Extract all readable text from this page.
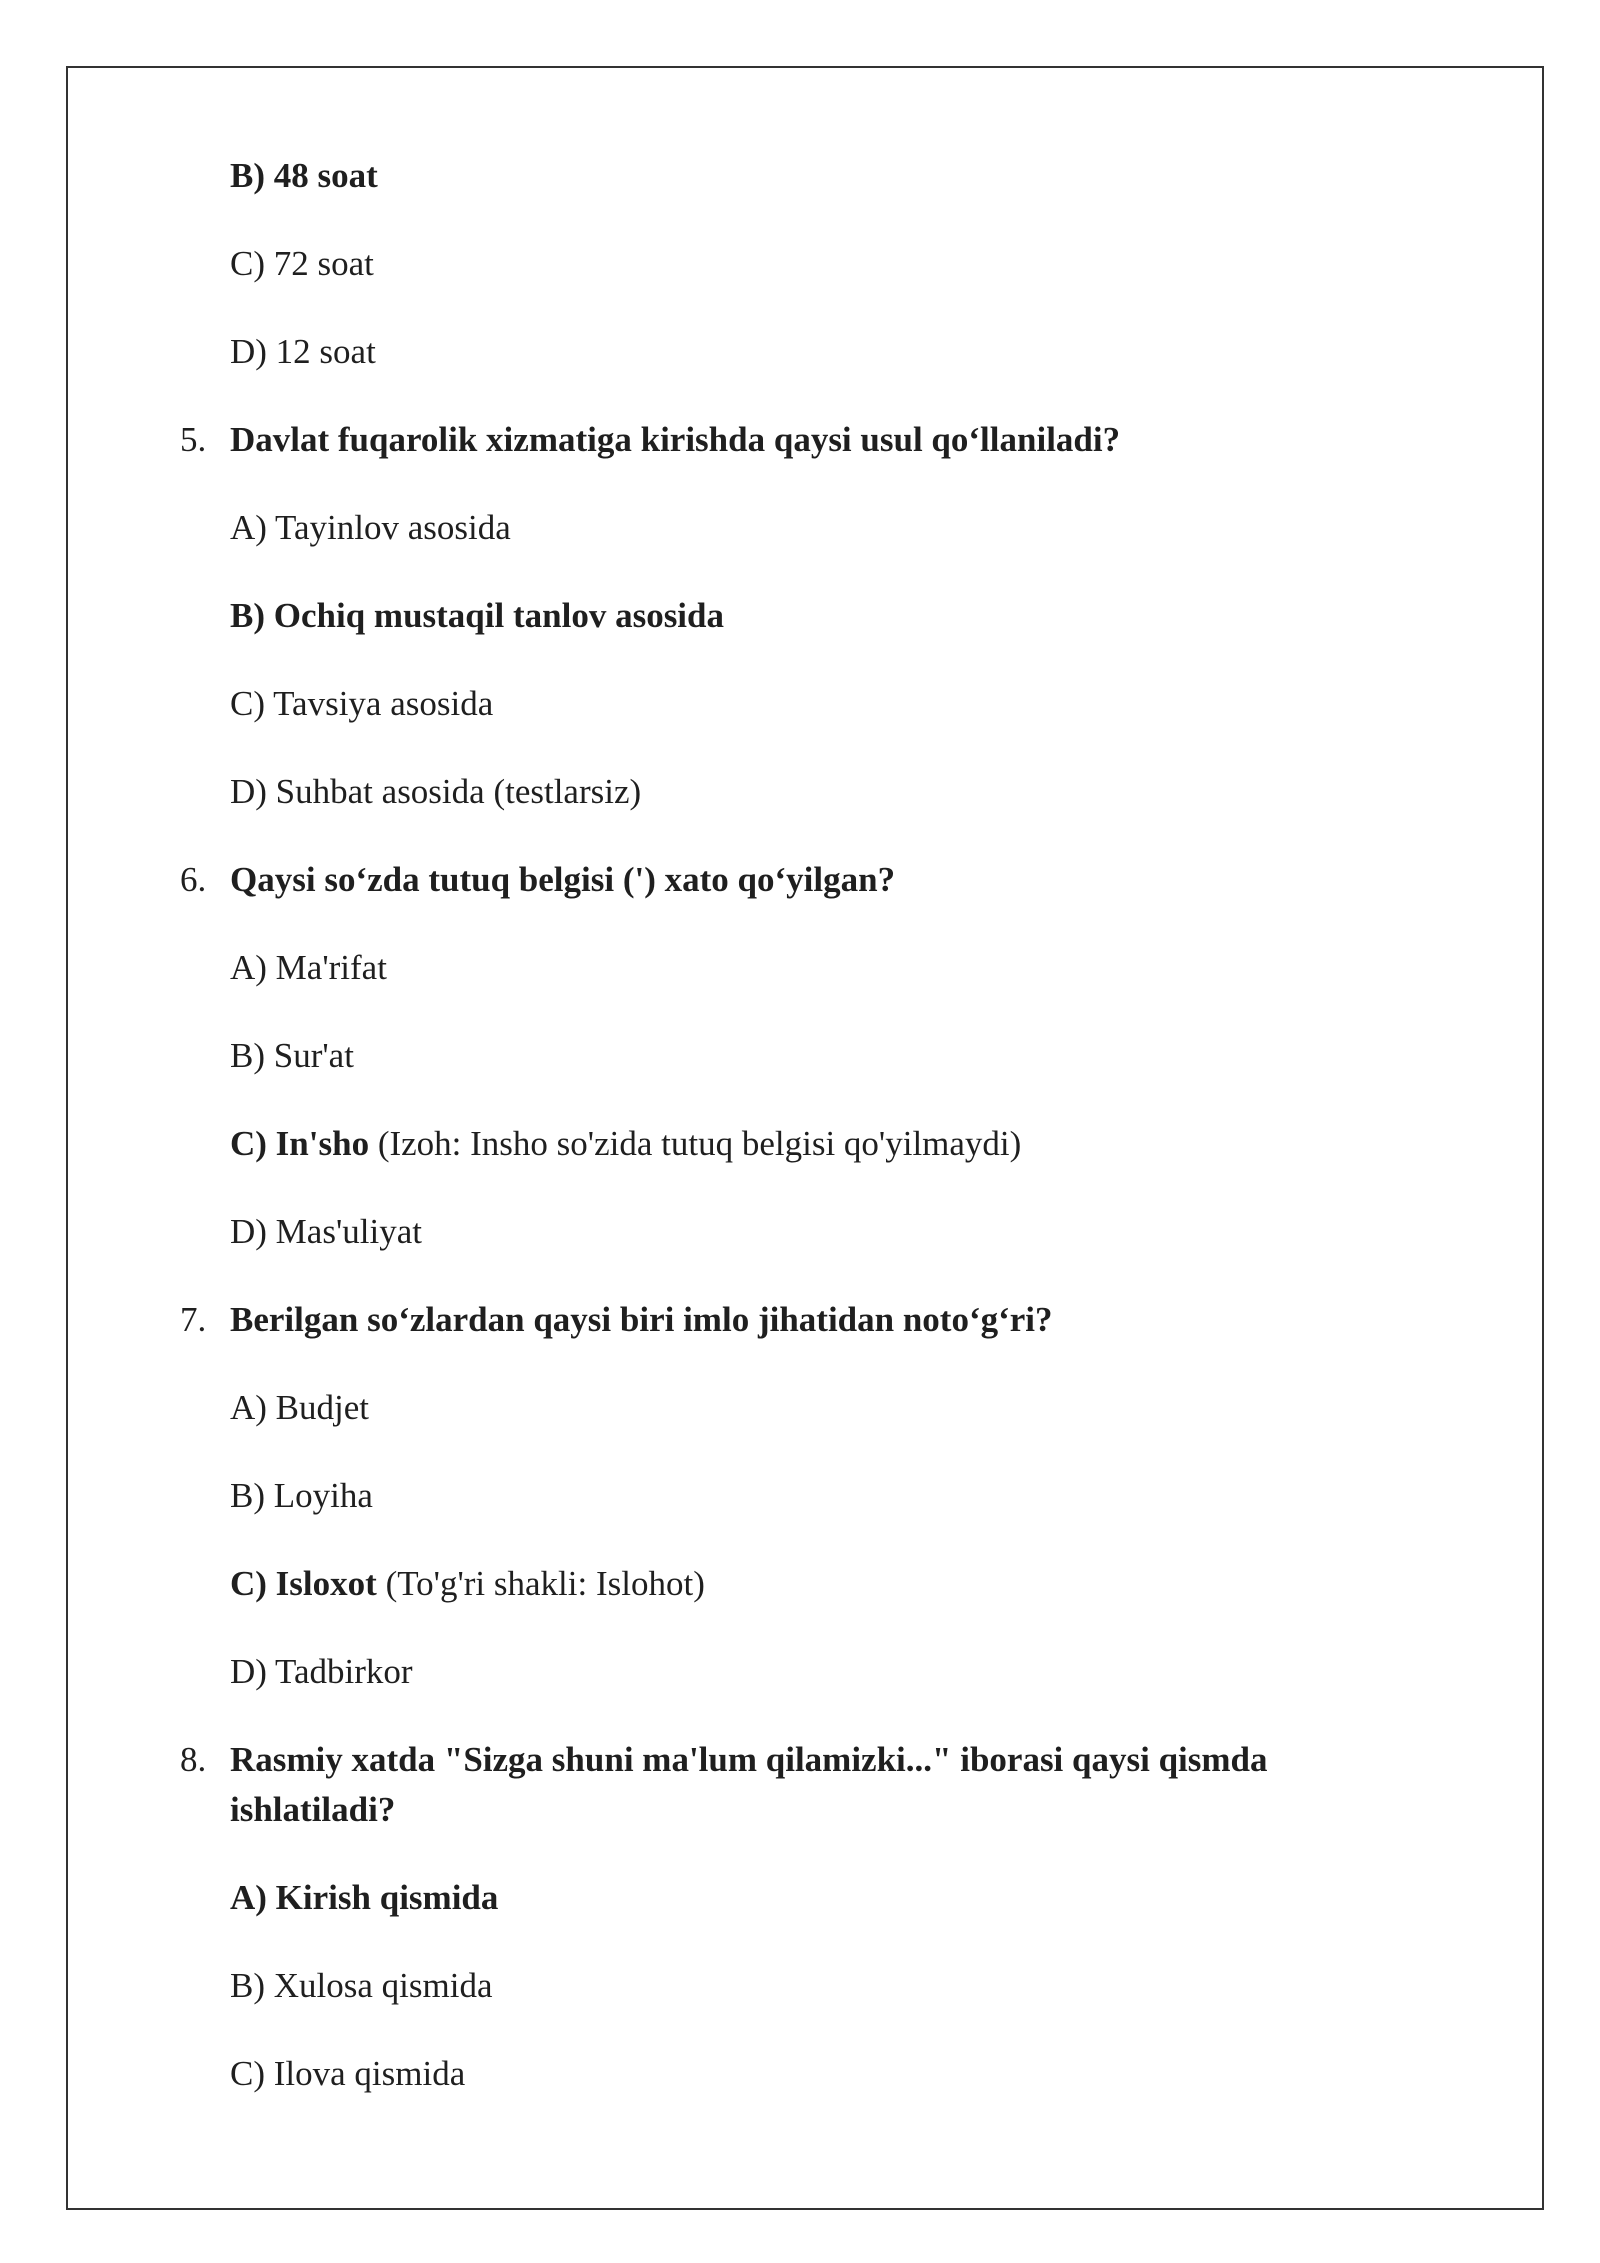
B) 48 soat
C) 72 soat
D) 12 soat
5. Davlat fuqarolik xizmatiga kirishda qaysi usul qo‘llaniladi?
A) Tayinlov asosida
B) Ochiq mustaqil tanlov asosida
C) Tavsiya asosida
D) Suhbat asosida (testlarsiz)
6. Qaysi so‘zda tutuq belgisi (') xato qo‘yilgan?
A) Ma'rifat
B) Sur'at
C) In'sho (Izoh: Insho so'zida tutuq belgisi qo'yilmaydi)
D) Mas'uliyat
7. Berilgan so‘zlardan qaysi biri imlo jihatidan noto‘g‘ri?
A) Budjet
B) Loyiha
C) Isloxot (To'g'ri shakli: Islohot)
D) Tadbirkor
8. Rasmiy xatda "Sizga shuni ma'lum qilamizki..." iborasi qaysi qismda ishlatiladi?
A) Kirish qismida
B) Xulosa qismida
C) Ilova qismida
